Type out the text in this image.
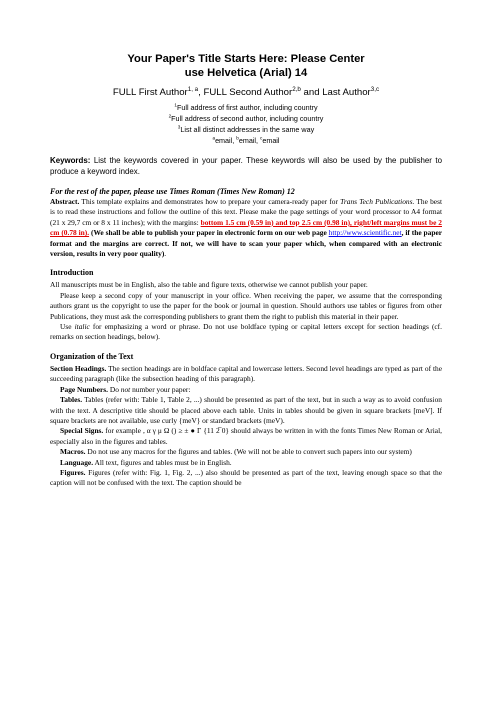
Your Paper's Title Starts Here: Please Center
use Helvetica (Arial) 14

FULL First Author$^{1, a}$, FULL Second Author$^{2,b}$ and Last Author$^{3,c}$

$^1$Full address of first author, including country

$^2$Full address of second author, including country

$^3$List all distinct addresses in the same way

$^a$email, $^b$email, $^c$email

Keywords: List the keywords covered in your paper. These keywords will also be used by the publisher to produce a keyword index.

For the rest of the paper, please use Times Roman (Times New Roman) 12

Abstract. This template explains and demonstrates how to prepare your camera-ready paper for Trans Tech Publications. The best is to read these instructions and follow the outline of this text. Please make the page settings of your word processor to A4 format (21 x 29,7 cm or 8 x 11 inches); with the margins: bottom 1.5 cm (0.59 in) and top 2.5 cm (0.98 in), right/left margins must be 2 cm (0.78 in). (We shall be able to publish your paper in electronic form on our web page http://www.scientific.net, if the paper format and the margins are correct. If not, we will have to scan your paper which, when compared with an electronic version, results in very poor quality).

Introduction

All manuscripts must be in English, also the table and figure texts, otherwise we cannot publish your paper.

Please keep a second copy of your manuscript in your office. When receiving the paper, we assume that the corresponding authors grant us the copyright to use the paper for the book or journal in question. Should authors use tables or figures from other Publications, they must ask the corresponding publishers to grant them the right to publish this material in their paper.

Use italic for emphasizing a word or phrase. Do not use boldface typing or capital letters except for section headings (cf. remarks on section headings, below).

Organization of the Text

Section Headings. The section headings are in boldface capital and lowercase letters. Second level headings are typed as part of the succeeding paragraph (like the subsection heading of this paragraph).

Page Numbers. Do not number your paper:

Tables. Tables (refer with: Table 1, Table 2, ...) should be presented as part of the text, but in such a way as to avoid confusion with the text. A descriptive title should be placed above each table. Units in tables should be given in square brackets [meV]. If square brackets are not available, use curly {meV} or standard brackets (meV).

Special Signs. for example , α γ μ Ω () ≥ ± ● Γ {11 2̅ 0} should always be written in with the fonts Times New Roman or Arial, especially also in the figures and tables.

Macros. Do not use any macros for the figures and tables. (We will not be able to convert such papers into our system)

Language. All text, figures and tables must be in English.

Figures. Figures (refer with: Fig. 1, Fig. 2, ...) also should be presented as part of the text, leaving enough space so that the caption will not be confused with the text. The caption should be
